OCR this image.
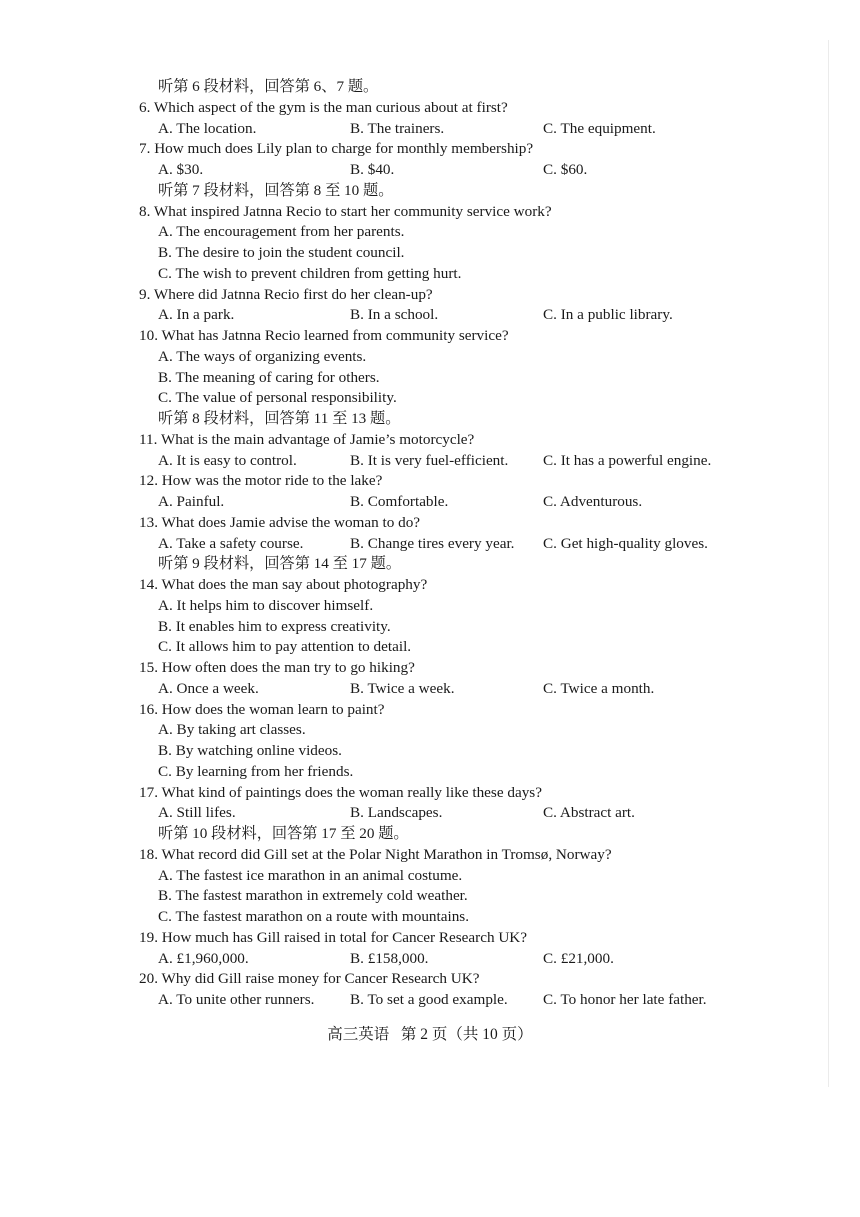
听第 6 段材料，回答第 6、7 题。
6. Which aspect of the gym is the man curious about at first?
A. The location.	B. The trainers.	C. The equipment.
7. How much does Lily plan to charge for monthly membership?
A. $30.	B. $40.	C. $60.
听第 7 段材料，回答第 8 至 10 题。
8. What inspired Jatnna Recio to start her community service work?
A. The encouragement from her parents.
B. The desire to join the student council.
C. The wish to prevent children from getting hurt.
9. Where did Jatnna Recio first do her clean-up?
A. In a park.	B. In a school.	C. In a public library.
10. What has Jatnna Recio learned from community service?
A. The ways of organizing events.
B. The meaning of caring for others.
C. The value of personal responsibility.
听第 8 段材料，回答第 11 至 13 题。
11. What is the main advantage of Jamie’s motorcycle?
A. It is easy to control.	B. It is very fuel-efficient. C. It has a powerful engine.
12. How was the motor ride to the lake?
A. Painful.	B. Comfortable.	C. Adventurous.
13. What does Jamie advise the woman to do?
A. Take a safety course.	B. Change tires every year. C. Get high-quality gloves.
听第 9 段材料，回答第 14 至 17 题。
14. What does the man say about photography?
A. It helps him to discover himself.
B. It enables him to express creativity.
C. It allows him to pay attention to detail.
15. How often does the man try to go hiking?
A. Once a week.	B. Twice a week.	C. Twice a month.
16. How does the woman learn to paint?
A. By taking art classes.
B. By watching online videos.
C. By learning from her friends.
17. What kind of paintings does the woman really like these days?
A. Still lifes.	B. Landscapes.	C. Abstract art.
听第 10 段材料，回答第 17 至 20 题。
18. What record did Gill set at the Polar Night Marathon in Tromsø, Norway?
A. The fastest ice marathon in an animal costume.
B. The fastest marathon in extremely cold weather.
C. The fastest marathon on a route with mountains.
19. How much has Gill raised in total for Cancer Research UK?
A. £1,960,000.	B. £158,000.	C. £21,000.
20. Why did Gill raise money for Cancer Research UK?
A. To unite other runners. B. To set a good example. C. To honor her late father.
高三英语   第 2 页（共 10 页）
